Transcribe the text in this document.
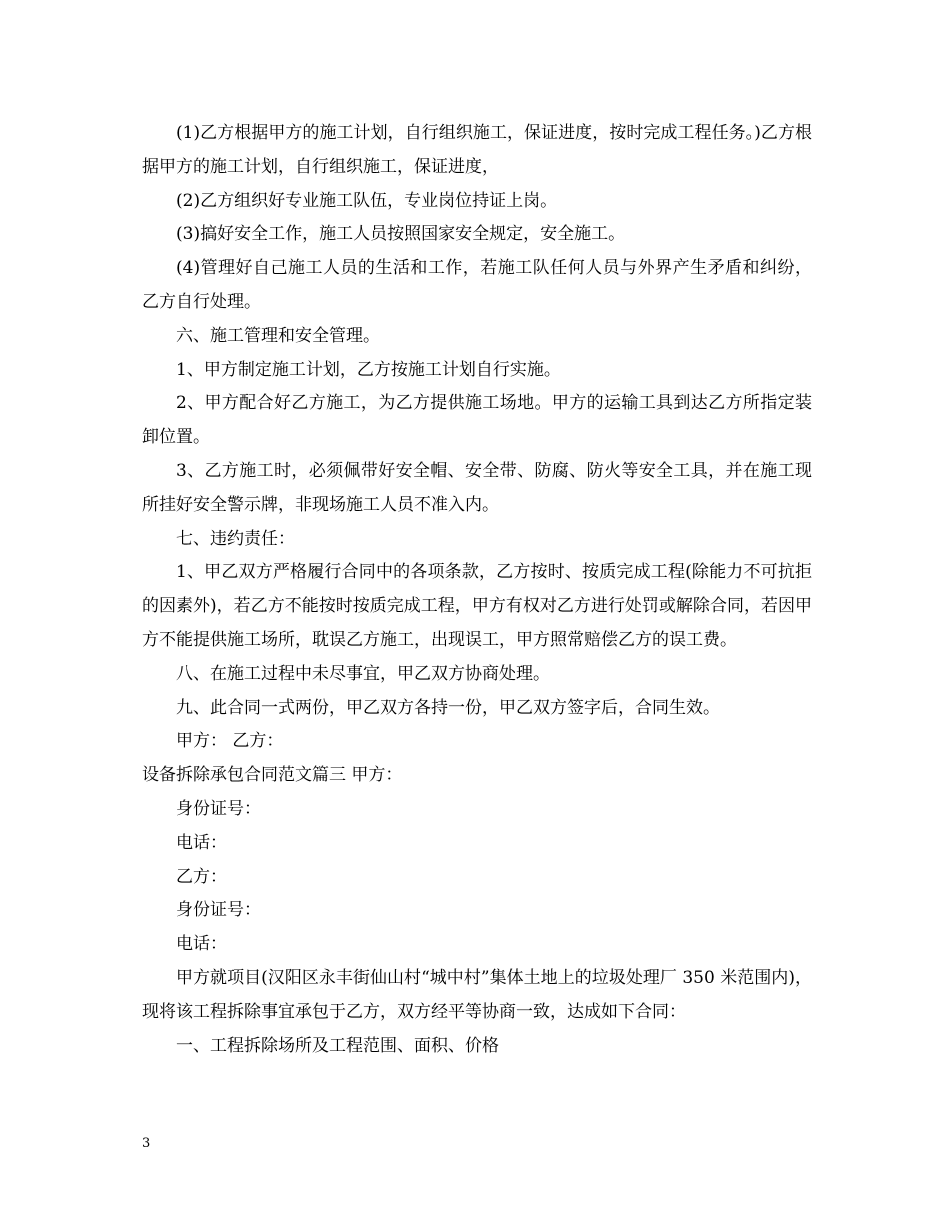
(1)乙方根据甲方的施工计划，自行组织施工，保证进度，按时完成工程任务。)乙方根据甲方的施工计划，自行组织施工，保证进度，

(2)乙方组织好专业施工队伍，专业岗位持证上岗。

(3)搞好安全工作，施工人员按照国家安全规定，安全施工。

(4)管理好自己施工人员的生活和工作，若施工队任何人员与外界产生矛盾和纠纷，乙方自行处理。

六、施工管理和安全管理。

1、甲方制定施工计划，乙方按施工计划自行实施。

2、甲方配合好乙方施工，为乙方提供施工场地。甲方的运输工具到达乙方所指定装卸位置。

3、乙方施工时，必须佩带好安全帽、安全带、防腐、防火等安全工具，并在施工现所挂好安全警示牌，非现场施工人员不准入内。

七、违约责任：

1、甲乙双方严格履行合同中的各项条款，乙方按时、按质完成工程(除能力不可抗拒的因素外)，若乙方不能按时按质完成工程，甲方有权对乙方进行处罚或解除合同，若因甲方不能提供施工场所，耽误乙方施工，出现误工，甲方照常赔偿乙方的误工费。

八、在施工过程中未尽事宜，甲乙双方协商处理。

九、此合同一式两份，甲乙双方各持一份，甲乙双方签字后，合同生效。

甲方： 乙方：

设备拆除承包合同范文篇三 甲方：

身份证号：

电话：

乙方：

身份证号：

电话：

甲方就项目(汉阳区永丰街仙山村“城中村”集体土地上的垃圾处理厂 350 米范围内)，现将该工程拆除事宜承包于乙方，双方经平等协商一致，达成如下合同：

一、工程拆除场所及工程范围、面积、价格

3
